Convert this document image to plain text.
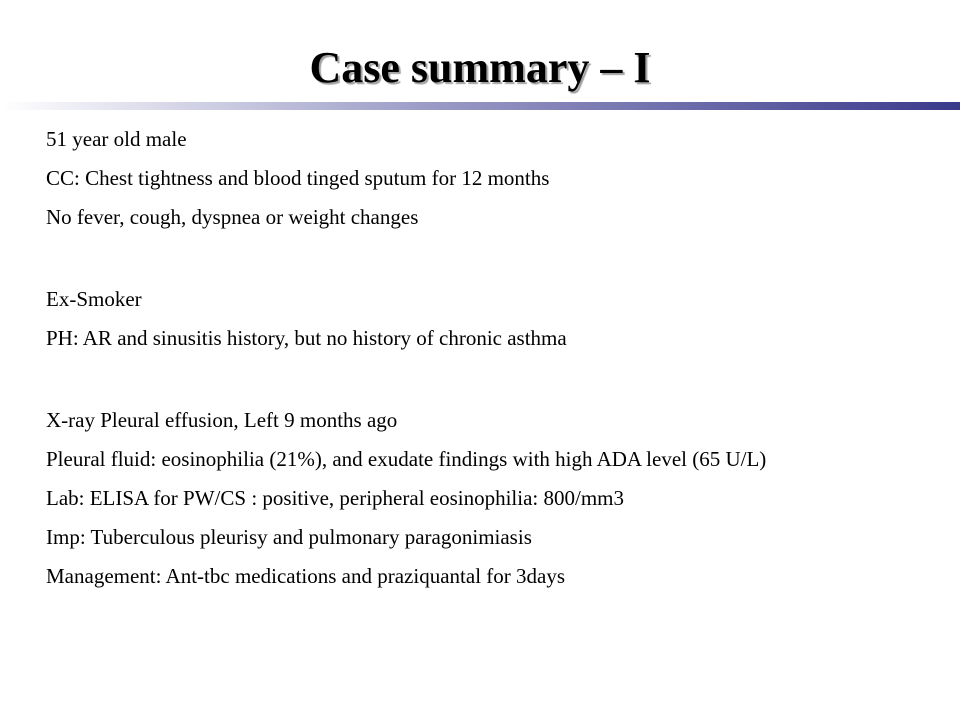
Case summary – I
51 year old male
CC: Chest tightness and blood tinged sputum for 12 months
No fever, cough, dyspnea or weight changes
Ex-Smoker
PH: AR and sinusitis history, but no history of chronic asthma
X-ray Pleural effusion, Left 9 months ago
Pleural fluid: eosinophilia (21%), and exudate findings with high ADA level (65 U/L)
Lab: ELISA for PW/CS : positive, peripheral eosinophilia: 800/mm3
Imp: Tuberculous pleurisy and pulmonary paragonimiasis
Management: Ant-tbc medications and praziquantal for 3days
